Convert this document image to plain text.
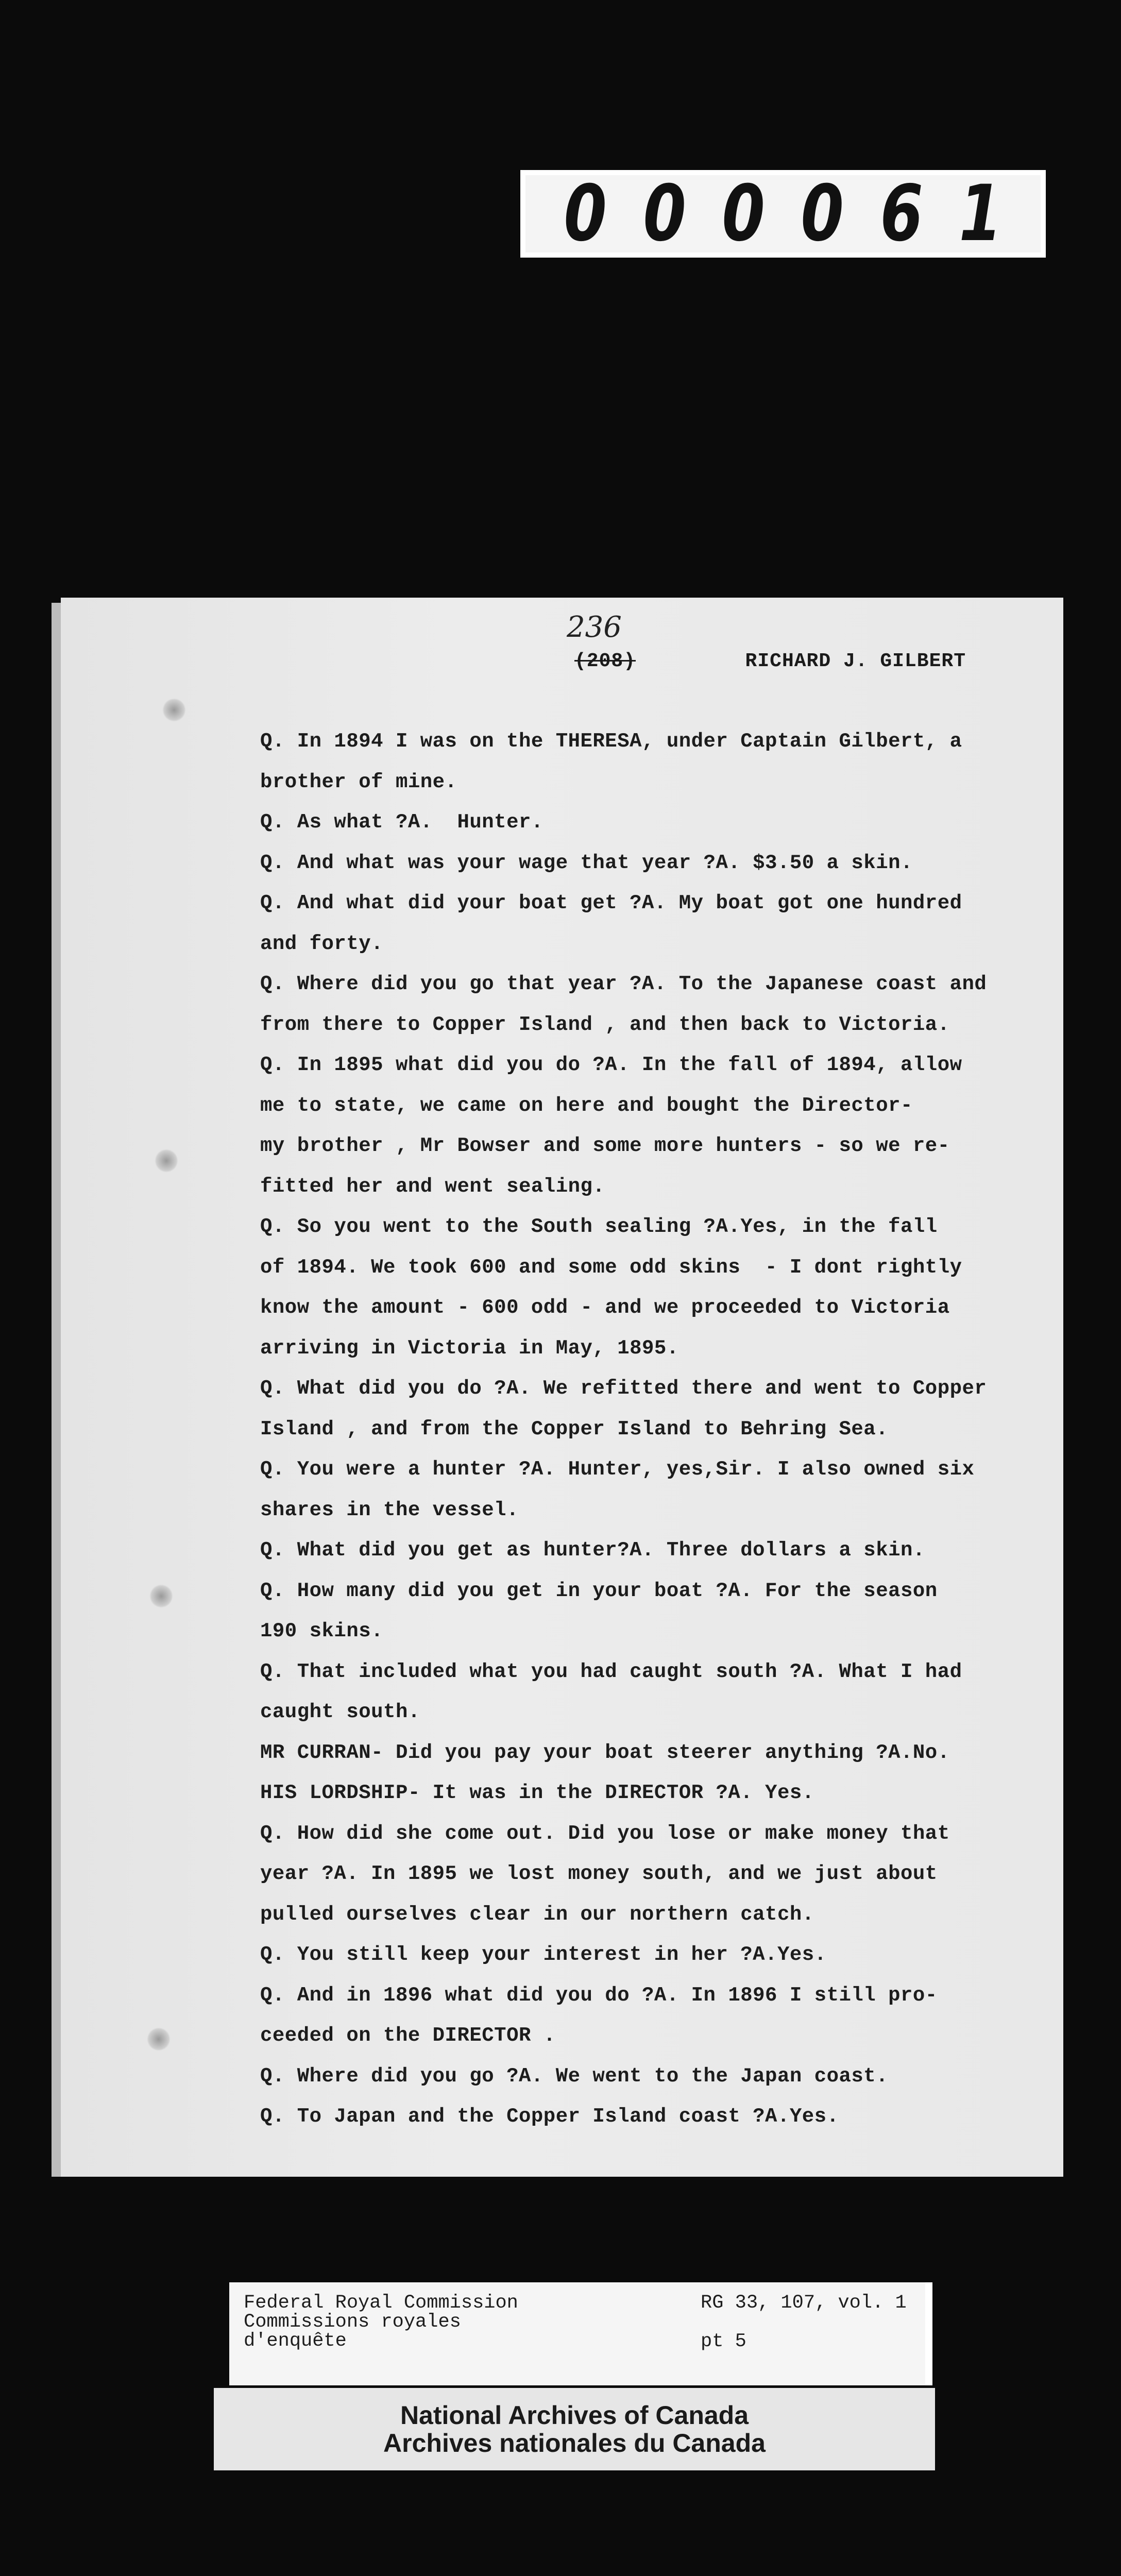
0 0 0 0 6 1
236
(208)	RICHARD J. GILBERT
Q. In 1894 I was on the THERESA, under Captain Gilbert, a
brother of mine.
Q. As what ?A.  Hunter.
Q. And what was your wage that year ?A. $3.50 a skin.
Q. And what did your boat get ?A. My boat got one hundred
and forty.
Q. Where did you go that year ?A. To the Japanese coast and
from there to Copper Island , and then back to Victoria.
Q. In 1895 what did you do ?A. In the fall of 1894, allow
me to state, we came on here and bought the Director-
my brother , Mr Bowser and some more hunters - so we re-
fitted her and went sealing.
Q. So you went to the South sealing ?A.Yes, in the fall
of 1894. We took 600 and some odd skins  - I dont rightly
know the amount - 600 odd - and we proceeded to Victoria
arriving in Victoria in May, 1895.
Q. What did you do ?A. We refitted there and went to Copper
Island , and from the Copper Island to Behring Sea.
Q. You were a hunter ?A. Hunter, yes,Sir. I also owned six
shares in the vessel.
Q. What did you get as hunter?A. Three dollars a skin.
Q. How many did you get in your boat ?A. For the season
190 skins.
Q. That included what you had caught south ?A. What I had
caught south.
MR CURRAN- Did you pay your boat steerer anything ?A.No.
HIS LORDSHIP- It was in the DIRECTOR ?A. Yes.
Q. How did she come out. Did you lose or make money that
year ?A. In 1895 we lost money south, and we just about
pulled ourselves clear in our northern catch.
Q. You still keep your interest in her ?A.Yes.
Q. And in 1896 what did you do ?A. In 1896 I still pro-
ceeded on the DIRECTOR .
Q. Where did you go ?A. We went to the Japan coast.
Q. To Japan and the Copper Island coast ?A.Yes.
Federal Royal Commission
Commissions royales
d'enquête
RG 33, 107, vol. 1
pt 5
National Archives of Canada
Archives nationales du Canada
